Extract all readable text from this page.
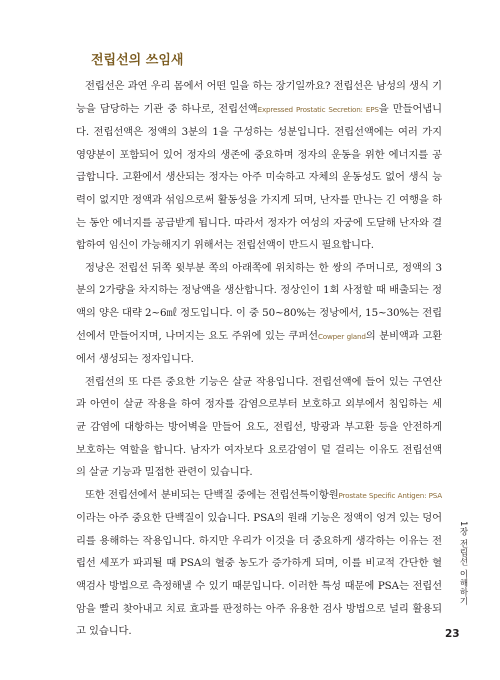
전립선의 쓰임새

전립선은 과연 우리 몸에서 어떤 일을 하는 장기일까요? 전립선은 남성의 생식 기능을 담당하는 기관 중 하나로, 전립선액Expressed Prostatic Secretion: EPS을 만들어냅니다. 전립선액은 정액의 3분의 1을 구성하는 성분입니다. 전립선액에는 여러 가지 영양분이 포함되어 있어 정자의 생존에 중요하며 정자의 운동을 위한 에너지를 공급합니다. 고환에서 생산되는 정자는 아주 미숙하고 자체의 운동성도 없어 생식 능력이 없지만 정액과 섞임으로써 활동성을 가지게 되며, 난자를 만나는 긴 여행을 하는 동안 에너지를 공급받게 됩니다. 따라서 정자가 여성의 자궁에 도달해 난자와 결합하여 임신이 가능해지기 위해서는 전립선액이 반드시 필요합니다.

정낭은 전립선 뒤쪽 윗부분 쪽의 아래쪽에 위치하는 한 쌍의 주머니로, 정액의 3분의 2가량을 차지하는 정낭액을 생산합니다. 정상인이 1회 사정할 때 배출되는 정액의 양은 대략 2~6㎖ 정도입니다. 이 중 50~80%는 정낭에서, 15~30%는 전립선에서 만들어지며, 나머지는 요도 주위에 있는 쿠퍼선Cowper gland의 분비액과 고환에서 생성되는 정자입니다.

전립선의 또 다른 중요한 기능은 살균 작용입니다. 전립선액에 들어 있는 구연산과 아연이 살균 작용을 하여 정자를 감염으로부터 보호하고 외부에서 침입하는 세균 감염에 대항하는 방어벽을 만들어 요도, 전립선, 방광과 부고환 등을 안전하게 보호하는 역할을 합니다. 남자가 여자보다 요로감염이 덜 걸리는 이유도 전립선액의 살균 기능과 밀접한 관련이 있습니다.

또한 전립선에서 분비되는 단백질 중에는 전립선특이항원Prostate Specific Antigen: PSA이라는 아주 중요한 단백질이 있습니다. PSA의 원래 기능은 정액이 엉겨 있는 덩어리를 용해하는 작용입니다. 하지만 우리가 이것을 더 중요하게 생각하는 이유는 전립선 세포가 파괴될 때 PSA의 혈중 농도가 증가하게 되며, 이를 비교적 간단한 혈액검사 방법으로 측정해낼 수 있기 때문입니다. 이러한 특성 때문에 PSA는 전립선암을 빨리 찾아내고 치료 효과를 판정하는 아주 유용한 검사 방법으로 널리 활용되고 있습니다.

1장 전립선 이해하기
23
